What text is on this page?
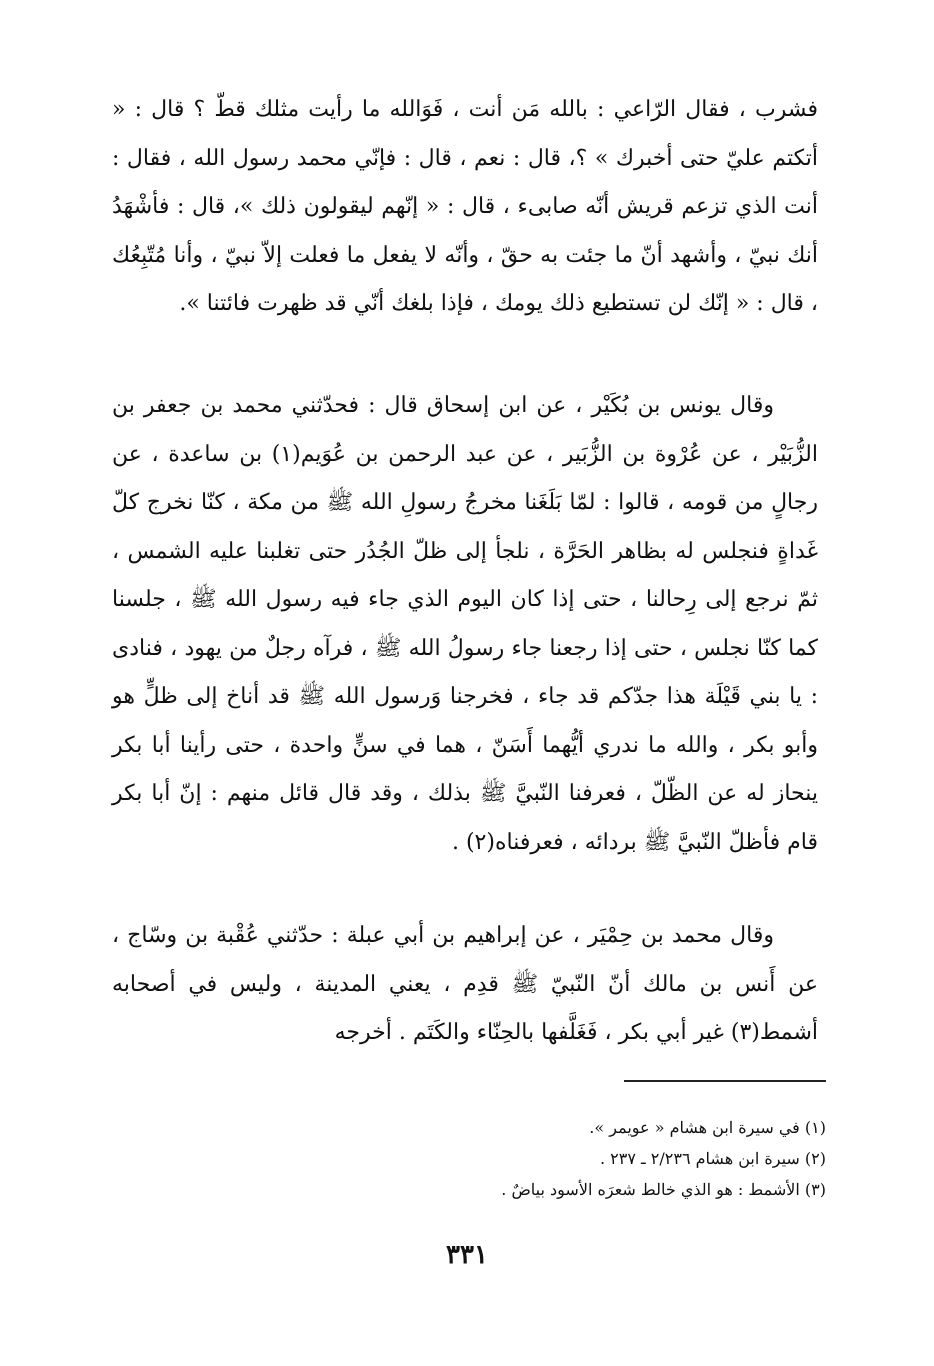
فشرب ، فقال الرّاعي : بالله مَن أنت ، فَوَالله ما رأيت مثلك قطّ ؟ قال : « أتكتم عليّ حتى أخبرك » ؟، قال : نعم ، قال : فإنّي محمد رسول الله ، فقال : أنت الذي تزعم قريش أنّه صابىء ، قال : « إنّهم ليقولون ذلك »، قال : فأشْهَدُ أنك نبيّ ، وأشهد أنّ ما جئت به حقّ ، وأنّه لا يفعل ما فعلت إلاّ نبيّ ، وأنا مُتّبِعُك ، قال : « إنّك لن تستطيع ذلك يومك ، فإذا بلغك أنّي قد ظهرت فائتنا ».

وقال يونس بن بُكَيْر ، عن ابن إسحاق قال : فحدّثني محمد بن جعفر بن الزُّبَيْر ، عن عُرْوة بن الزُّبَير ، عن عبد الرحمن بن عُوَيم(١) بن ساعدة ، عن رجالٍ من قومه ، قالوا : لمّا بَلَغَنا مخرجُ رسولِ الله ﷺ من مكة ، كنّا نخرج كلّ غَداةٍ فنجلس له بظاهر الحَرَّة ، نلجأ إلى ظلّ الجُدُر حتى تغلبنا عليه الشمس ، ثمّ نرجع إلى رِحالنا ، حتى إذا كان اليوم الذي جاء فيه رسول الله ﷺ ، جلسنا كما كنّا نجلس ، حتى إذا رجعنا جاء رسولُ الله ﷺ ، فرآه رجلٌ من يهود ، فنادى : يا بني قَيْلَة هذا جدّكم قد جاء ، فخرجنا وَرسول الله ﷺ قد أناخ إلى ظلٍّ هو وأبو بكر ، والله ما ندري أيُّهما أَسَنّ ، هما في سنٍّ واحدة ، حتى رأينا أبا بكر ينحاز له عن الظّلّ ، فعرفنا النّبيَّ ﷺ بذلك ، وقد قال قائل منهم : إنّ أبا بكر قام فأظلّ النّبيَّ ﷺ بردائه ، فعرفناه(٢) .

وقال محمد بن حِمْيَر ، عن إبراهيم بن أبي عبلة : حدّثني عُقْبة بن وسّاج ، عن أَنس بن مالك أنّ النّبيّ ﷺ قدِم ، يعني المدينة ، وليس في أصحابه أشمط(٣) غير أبي بكر ، فَغَلَّفها بالحِنّاء والكَتَم . أخرجه

(١) في سيرة ابن هشام « عويمر ».
(٢) سيرة ابن هشام ٢/٢٣٦ ـ ٢٣٧ .
(٣) الأشمط : هو الذي خالط شعرَه الأسود بياضٌ .
٣٣١
